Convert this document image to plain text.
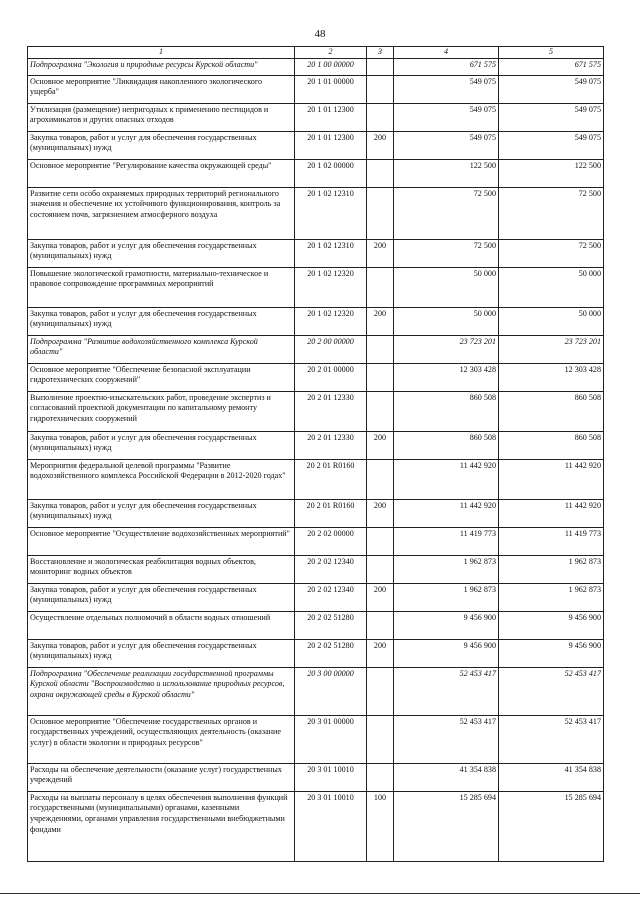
48
1	2	3	4	5
Подпрограмма "Экология и природные ресурсы Курской области"	20 1 00 00000		671 575	671 575
Основное мероприятие "Ликвидация накопленного экологического ущерба"	20 1 01 00000		549 075	549 075
Утилизация (размещение) непригодных к применению пестицидов и агрохимикатов и других опасных отходов	20 1 01 12300		549 075	549 075
Закупка товаров, работ и услуг для обеспечения государственных (муниципальных) нужд	20 1 01 12300	200	549 075	549 075
Основное мероприятие "Регулирование качества окружающей среды"	20 1 02 00000		122 500	122 500
Развитие сети особо охраняемых природных территорий регионального значения и обеспечение их устойчивого функционирования, контроль за состоянием почв, загрязнением атмосферного воздуха	20 1 02 12310		72 500	72 500
Закупка товаров, работ и услуг для обеспечения государственных (муниципальных) нужд	20 1 02 12310	200	72 500	72 500
Повышение экологической грамотности, материально-техническое и правовое сопровождение программных мероприятий	20 1 02 12320		50 000	50 000
Закупка товаров, работ и услуг для обеспечения государственных (муниципальных) нужд	20 1 02 12320	200	50 000	50 000
Подпрограмма "Развитие водохозяйственного комплекса Курской области"	20 2 00 00000		23 723 201	23 723 201
Основное мероприятие "Обеспечение безопасной эксплуатации гидротехнических сооружений"	20 2 01 00000		12 303 428	12 303 428
Выполнение проектно-изыскательских работ, проведение экспертиз и согласований проектной документации по капитальному ремонту гидротехнических сооружений	20 2 01 12330		860 508	860 508
Закупка товаров, работ и услуг для обеспечения государственных (муниципальных) нужд	20 2 01 12330	200	860 508	860 508
Мероприятия федеральной целевой программы "Развитие водохозяйственного комплекса Российской Федерации в 2012-2020 годах"	20 2 01 R0160		11 442 920	11 442 920
Закупка товаров, работ и услуг для обеспечения государственных (муниципальных) нужд	20 2 01 R0160	200	11 442 920	11 442 920
Основное мероприятие "Осуществление водохозяйственных мероприятий"	20 2 02 00000		11 419 773	11 419 773
Восстановление и экологическая реабилитация водных объектов, мониторинг водных объектов	20 2 02 12340		1 962 873	1 962 873
Закупка товаров, работ и услуг для обеспечения государственных (муниципальных) нужд	20 2 02 12340	200	1 962 873	1 962 873
Осуществление отдельных полномочий в области водных отношений	20 2 02 51280		9 456 900	9 456 900
Закупка товаров, работ и услуг для обеспечения государственных (муниципальных) нужд	20 2 02 51280	200	9 456 900	9 456 900
Подпрограмма "Обеспечение реализации государственной программы Курской области "Воспроизводство и использование природных ресурсов, охрана окружающей среды в Курской области"	20 3 00 00000		52 453 417	52 453 417
Основное мероприятие "Обеспечение государственных органов и государственных учреждений, осуществляющих деятельность (оказание услуг) в области экологии и природных ресурсов"	20 3 01 00000		52 453 417	52 453 417
Расходы на обеспечение деятельности (оказание услуг) государственных учреждений	20 3 01 10010		41 354 838	41 354 838
Расходы на выплаты персоналу в целях обеспечения выполнения функций государственными (муниципальными) органами, казенными учреждениями, органами управления государственными внебюджетными фондами	20 3 01 10010	100	15 285 694	15 285 694
